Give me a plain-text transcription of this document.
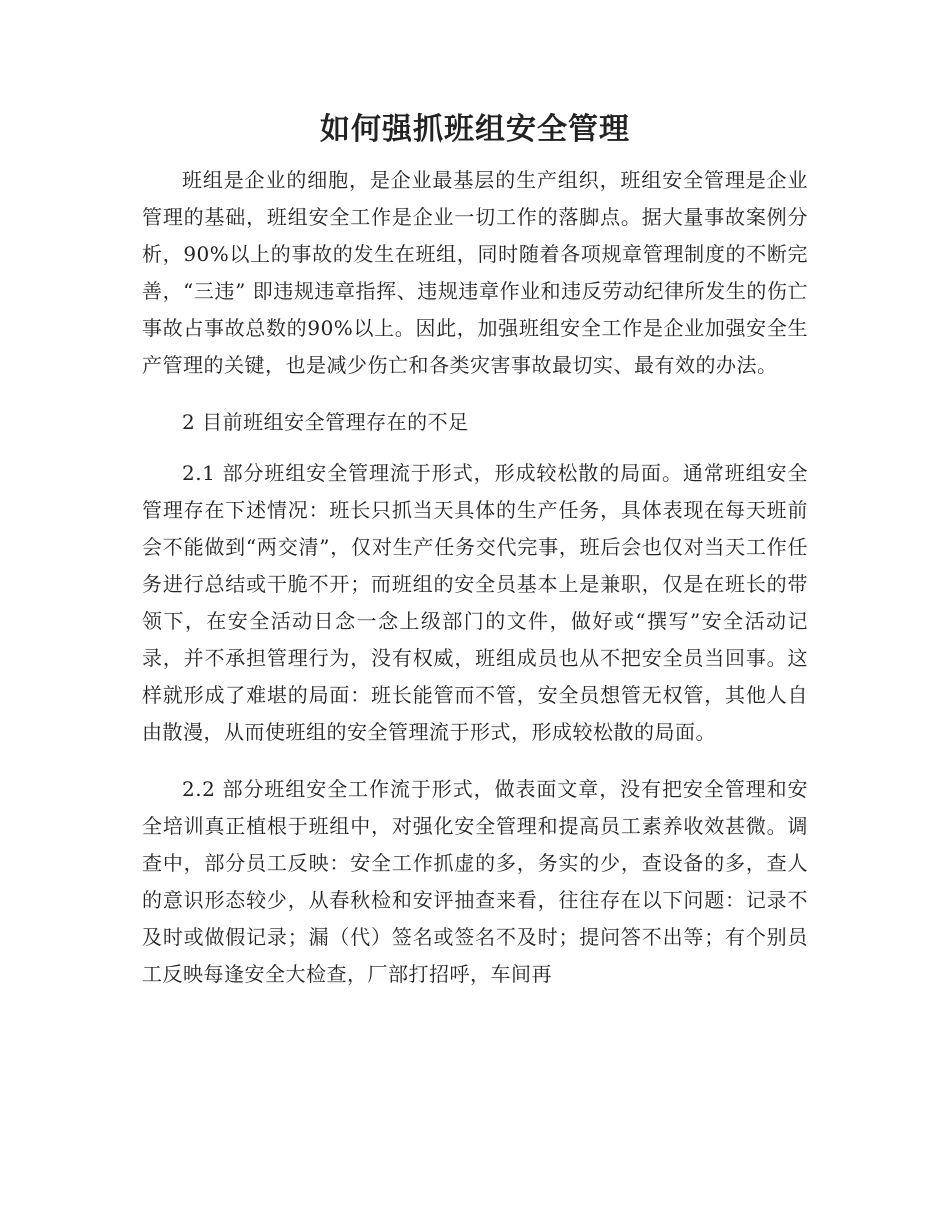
如何强抓班组安全管理

班组是企业的细胞，是企业最基层的生产组织，班组安全管理是企业管理的基础，班组安全工作是企业一切工作的落脚点。据大量事故案例分析，90%以上的事故的发生在班组，同时随着各项规章管理制度的不断完善，“三违” 即违规违章指挥、违规违章作业和违反劳动纪律所发生的伤亡事故占事故总数的90%以上。因此，加强班组安全工作是企业加强安全生产管理的关键，也是减少伤亡和各类灾害事故最切实、最有效的办法。

2 目前班组安全管理存在的不足

2.1 部分班组安全管理流于形式，形成较松散的局面。通常班组安全管理存在下述情况：班长只抓当天具体的生产任务，具体表现在每天班前会不能做到“两交清”，仅对生产任务交代完事，班后会也仅对当天工作任务进行总结或干脆不开；而班组的安全员基本上是兼职，仅是在班长的带领下，在安全活动日念一念上级部门的文件，做好或“撰写”安全活动记录，并不承担管理行为，没有权威，班组成员也从不把安全员当回事。这样就形成了难堪的局面：班长能管而不管，安全员想管无权管，其他人自由散漫，从而使班组的安全管理流于形式，形成较松散的局面。

2.2 部分班组安全工作流于形式，做表面文章，没有把安全管理和安全培训真正植根于班组中，对强化安全管理和提高员工素养收效甚微。调查中，部分员工反映：安全工作抓虚的多，务实的少，查设备的多，查人的意识形态较少，从春秋检和安评抽查来看，往往存在以下问题：记录不及时或做假记录；漏（代）签名或签名不及时；提问答不出等；有个别员工反映每逢安全大检查，厂部打招呼，车间再
